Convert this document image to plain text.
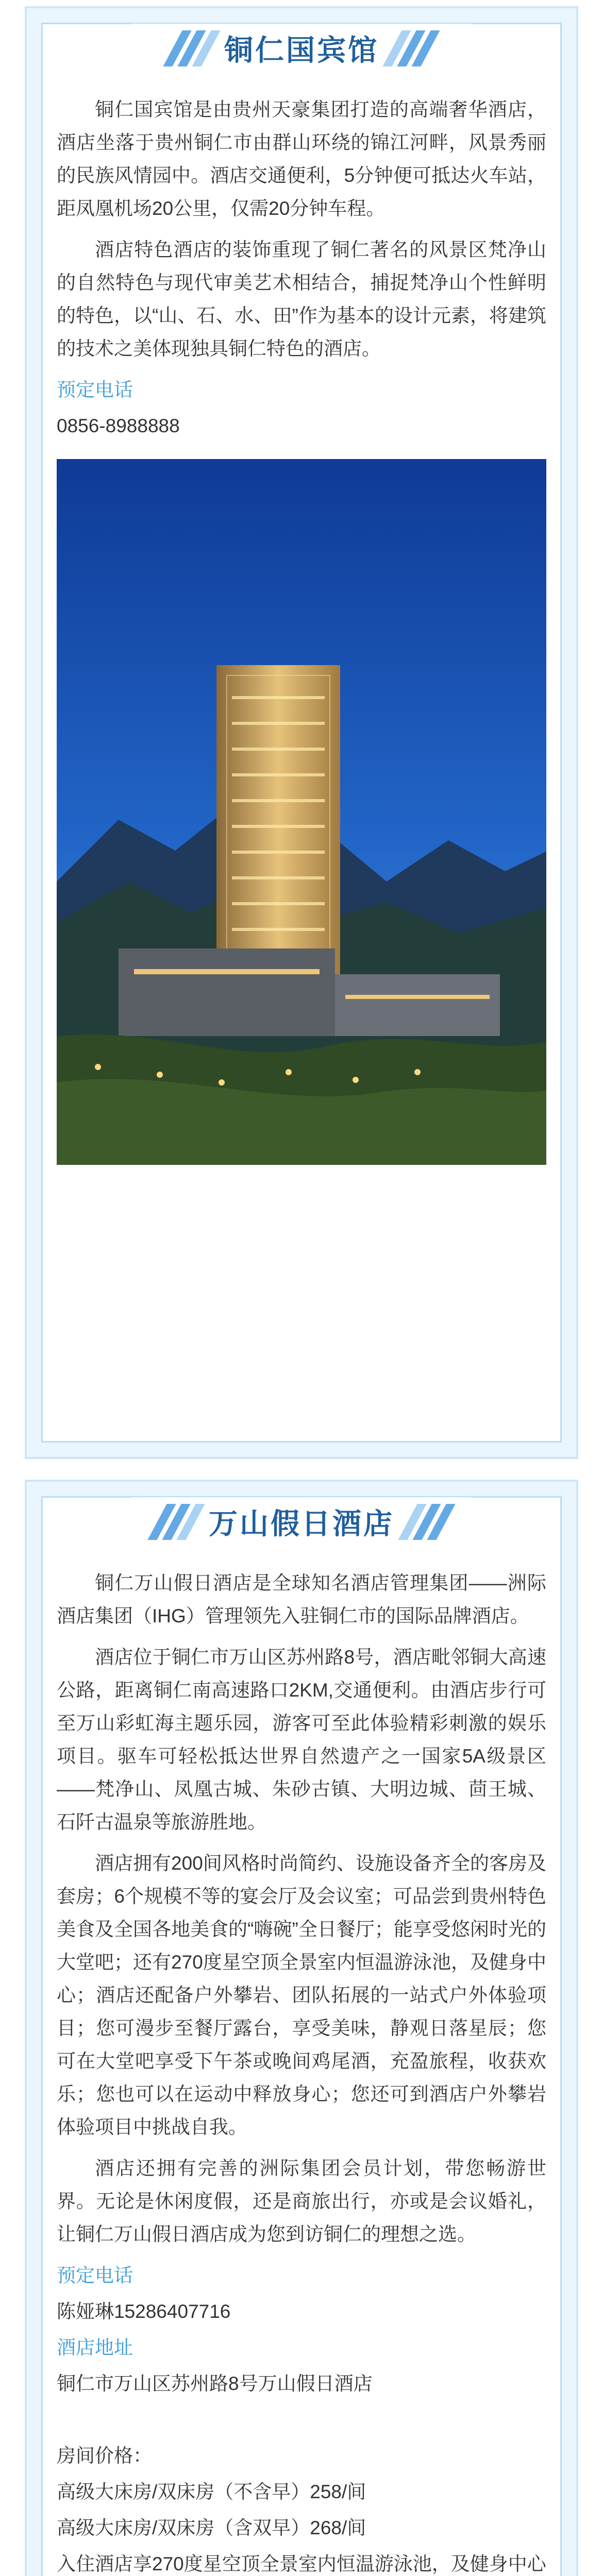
铜仁国宾馆

铜仁国宾馆是由贵州天豪集团打造的高端奢华酒店，酒店坐落于贵州铜仁市由群山环绕的锦江河畔，风景秀丽的民族风情园中。酒店交通便利，5分钟便可抵达火车站，距凤凰机场20公里，仅需20分钟车程。

酒店特色酒店的装饰重现了铜仁著名的风景区梵净山的自然特色与现代审美艺术相结合，捕捉梵净山个性鲜明的特色，以“山、石、水、田”作为基本的设计元素，将建筑的技术之美体现独具铜仁特色的酒店。

预定电话
0856-8988888
万山假日酒店

铜仁万山假日酒店是全球知名酒店管理集团——洲际酒店集团（IHG）管理领先入驻铜仁市的国际品牌酒店。

酒店位于铜仁市万山区苏州路8号，酒店毗邻铜大高速公路，距离铜仁南高速路口2KM,交通便利。由酒店步行可至万山彩虹海主题乐园，游客可至此体验精彩刺激的娱乐项目。驱车可轻松抵达世界自然遗产之一国家5A级景区——梵净山、凤凰古城、朱砂古镇、大明边城、茴王城、石阡古温泉等旅游胜地。

酒店拥有200间风格时尚简约、设施设备齐全的客房及套房；6个规模不等的宴会厅及会议室；可品尝到贵州特色美食及全国各地美食的“嗨碗”全日餐厅；能享受悠闲时光的大堂吧；还有270度星空顶全景室内恒温游泳池，及健身中心；酒店还配备户外攀岩、团队拓展的一站式户外体验项目；您可漫步至餐厅露台，享受美味，静观日落星辰；您可在大堂吧享受下午茶或晚间鸡尾酒，充盈旅程，收获欢乐；您也可以在运动中释放身心；您还可到酒店户外攀岩体验项目中挑战自我。

酒店还拥有完善的洲际集团会员计划，带您畅游世界。无论是休闲度假，还是商旅出行，亦或是会议婚礼，让铜仁万山假日酒店成为您到访铜仁的理想之选。

预定电话
陈娅琳15286407716
酒店地址
铜仁市万山区苏州路8号万山假日酒店
房间价格：
高级大床房/双床房（不含早）258/间
高级大床房/双床房（含双早）268/间
入住酒店享270度星空顶全景室内恒温游泳池，及健身中心
